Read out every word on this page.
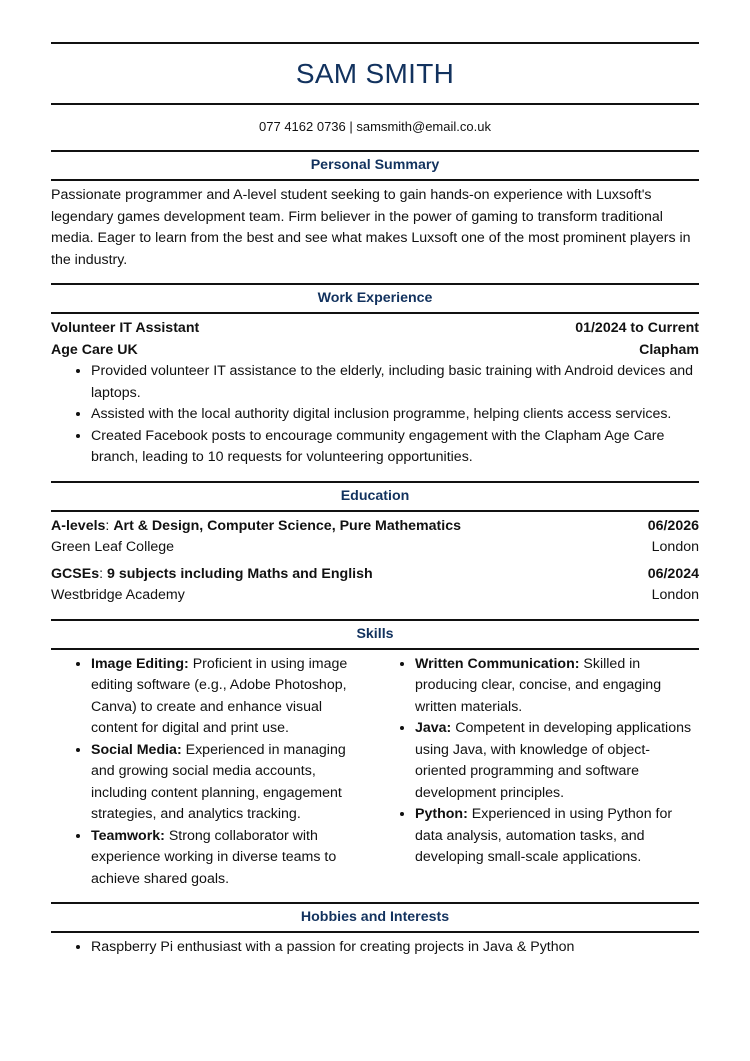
SAM SMITH
077 4162 0736 | samsmith@email.co.uk
Personal Summary

Passionate programmer and A-level student seeking to gain hands-on experience with Luxsoft's legendary games development team. Firm believer in the power of gaming to transform traditional media. Eager to learn from the best and see what makes Luxsoft one of the most prominent players in the industry.

Work Experience
Volunteer IT Assistant	01/2024 to Current
Age Care UK	Clapham
• Provided volunteer IT assistance to the elderly, including basic training with Android devices and laptops.
• Assisted with the local authority digital inclusion programme, helping clients access services.
• Created Facebook posts to encourage community engagement with the Clapham Age Care branch, leading to 10 requests for volunteering opportunities.
Education
A-levels: Art & Design, Computer Science, Pure Mathematics	06/2026
Green Leaf College	London
GCSEs: 9 subjects including Maths and English	06/2024
Westbridge Academy	London
Skills
• Image Editing: Proficient in using image editing software (e.g., Adobe Photoshop, Canva) to create and enhance visual content for digital and print use.
• Social Media: Experienced in managing and growing social media accounts, including content planning, engagement strategies, and analytics tracking.
• Teamwork: Strong collaborator with experience working in diverse teams to achieve shared goals.
• Written Communication: Skilled in producing clear, concise, and engaging written materials.
• Java: Competent in developing applications using Java, with knowledge of object-oriented programming and software development principles.
• Python: Experienced in using Python for data analysis, automation tasks, and developing small-scale applications.
Hobbies and Interests
• Raspberry Pi enthusiast with a passion for creating projects in Java & Python
